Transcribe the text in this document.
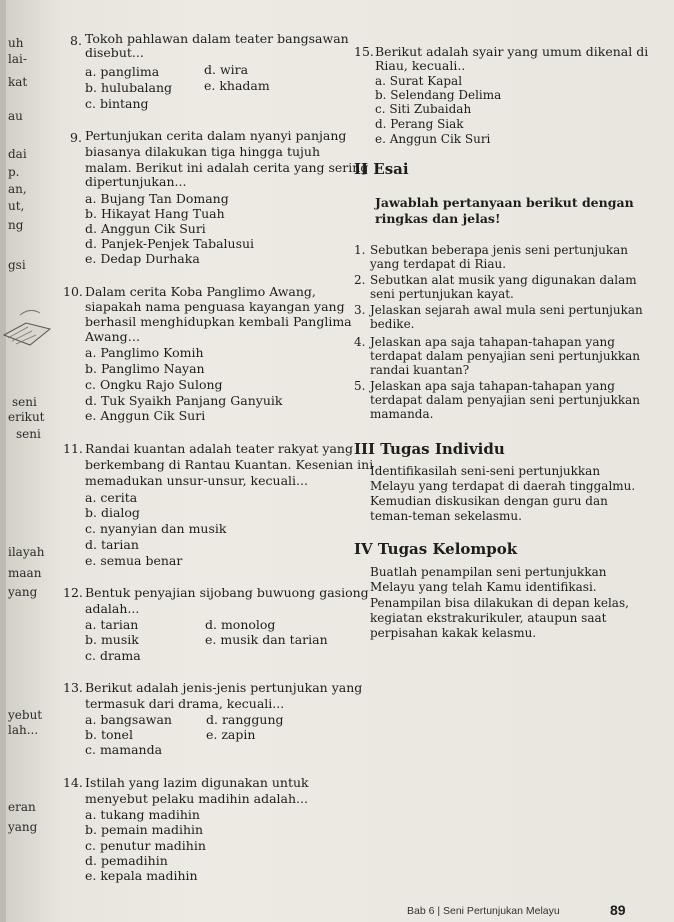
uh
lai-
kat
au
dai
p.
an,
ut,
ng
gsi
seni
erikut
seni
ilayah
maan
yang
yebut
lah...
eran
yang
8. Tokoh pahlawan dalam teater bangsawan
disebut...
a. panglima	d. wira
b. hulubalang	e. khadam
c. bintang
9. Pertunjukan cerita dalam nyanyi panjang
biasanya dilakukan tiga hingga tujuh
malam. Berikut ini adalah cerita yang sering
dipertunjukan...
a. Bujang Tan Domang
b. Hikayat Hang Tuah
d. Anggun Cik Suri
d. Panjek-Penjek Tabalusui
e. Dedap Durhaka
10. Dalam cerita Koba Panglimo Awang,
siapakah nama penguasa kayangan yang
berhasil menghidupkan kembali Panglima
Awang…
a. Panglimo Komih
b. Panglimo Nayan
c. Ongku Rajo Sulong
d. Tuk Syaikh Panjang Ganyuik
e. Anggun Cik Suri
11. Randai kuantan adalah teater rakyat yang
berkembang di Rantau Kuantan. Kesenian ini
memadukan unsur-unsur, kecuali...
a. cerita
b. dialog
c. nyanyian dan musik
d. tarian
e. semua benar
12. Bentuk penyajian sijobang buwuong gasiong
adalah...
a. tarian	d. monolog
b. musik	e. musik dan tarian
c. drama
13. Berikut adalah jenis-jenis pertunjukan yang
termasuk dari drama, kecuali...
a. bangsawan	d. ranggung
b. tonel	e. zapin
c. mamanda
14. Istilah yang lazim digunakan untuk
menyebut pelaku madihin adalah...
a. tukang madihin
b. pemain madihin
c. penutur madihin
d. pemadihin
e. kepala madihin
15. Berikut adalah syair yang umum dikenal di
Riau, kecuali..
a. Surat Kapal
b. Selendang Delima
c. Siti Zubaidah
d. Perang Siak
e. Anggun Cik Suri
II Esai
Jawablah pertanyaan berikut dengan
ringkas dan jelas!
1. Sebutkan beberapa jenis seni pertunjukan
yang terdapat di Riau.
2. Sebutkan alat musik yang digunakan dalam
seni pertunjukan kayat.
3. Jelaskan sejarah awal mula seni pertunjukan
bedike.
4. Jelaskan apa saja tahapan-tahapan yang
terdapat dalam penyajian seni pertunjukkan
randai kuantan?
5. Jelaskan apa saja tahapan-tahapan yang
terdapat dalam penyajian seni pertunjukkan
mamanda.
III Tugas Individu
Identifikasilah seni-seni pertunjukkan
Melayu yang terdapat di daerah tinggalmu.
Kemudian diskusikan dengan guru dan
teman-teman sekelasmu.
IV Tugas Kelompok
Buatlah penampilan seni pertunjukkan
Melayu yang telah Kamu identifikasi.
Penampilan bisa dilakukan di depan kelas,
kegiatan ekstrakurikuler, ataupun saat
perpisahan kakak kelasmu.
Bab 6 | Seni Pertunjukan Melayu	89
